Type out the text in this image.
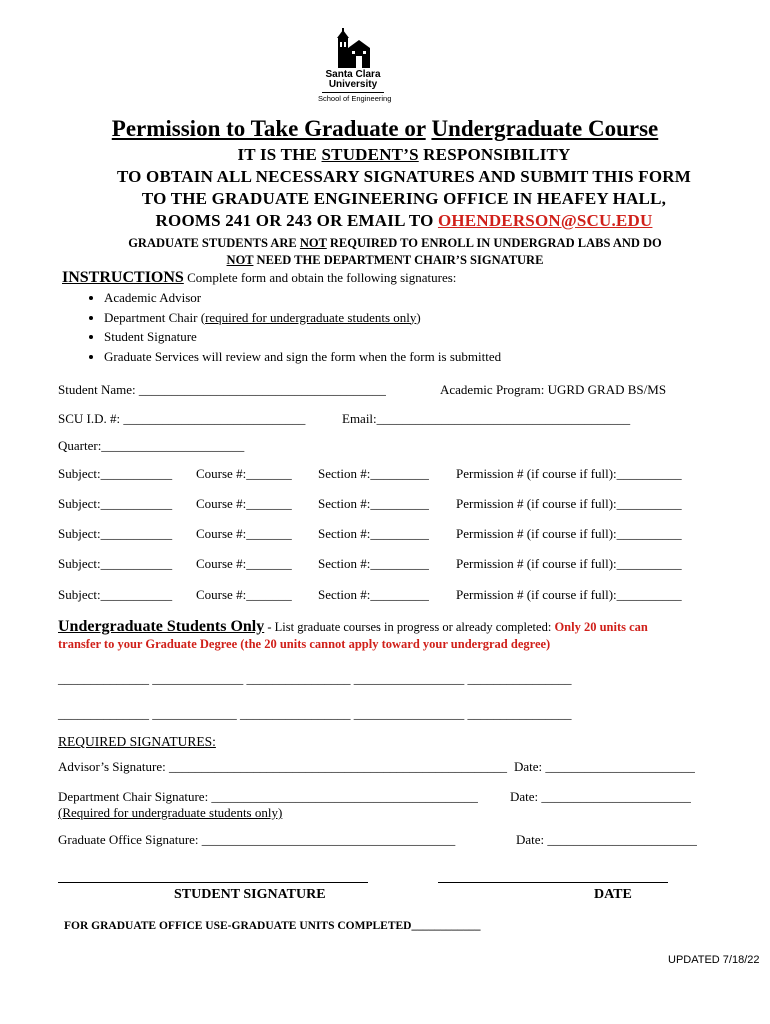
Santa Clara
University
School of Engineering
Permission to Take Graduate or Undergraduate Course
IT IS THE STUDENT’S RESPONSIBILITY
TO OBTAIN ALL NECESSARY SIGNATURES AND SUBMIT THIS FORM
TO THE GRADUATE ENGINEERING OFFICE IN HEAFEY HALL,
ROOMS 241 OR 243 OR EMAIL TO OHENDERSON@SCU.EDU
GRADUATE STUDENTS ARE NOT REQUIRED TO ENROLL IN UNDERGRAD LABS AND DO
NOT NEED THE DEPARTMENT CHAIR’S SIGNATURE
INSTRUCTIONS Complete form and obtain the following signatures:
• Academic Advisor
• Department Chair (required for undergraduate students only)
• Student Signature
• Graduate Services will review and sign the form when the form is submitted
Student Name: ______________________________________	Academic Program: UGRD GRAD BS/MS
SCU I.D. #: ____________________________	Email:_______________________________________
Quarter:______________________
Subject:___________ Course #:_______ Section #:_________ Permission # (if course if full):__________
Subject:___________ Course #:_______ Section #:_________ Permission # (if course if full):__________
Subject:___________ Course #:_______ Section #:_________ Permission # (if course if full):__________
Subject:___________ Course #:_______ Section #:_________ Permission # (if course if full):__________
Subject:___________ Course #:_______ Section #:_________ Permission # (if course if full):__________
Undergraduate Students Only - List graduate courses in progress or already completed: Only 20 units can
transfer to your Graduate Degree (the 20 units cannot apply toward your undergrad degree)
______________ ______________ ________________ _________________ ________________
______________ _____________ _________________ _________________ ________________
REQUIRED SIGNATURES:
Advisor’s Signature: ____________________________________________________ Date: _______________________
Department Chair Signature: _________________________________________ Date: _______________________
(Required for undergraduate students only)
Graduate Office Signature: _______________________________________	Date: _______________________
STUDENT SIGNATURE	DATE
FOR GRADUATE OFFICE USE-GRADUATE UNITS COMPLETED____________
UPDATED 7/18/22
